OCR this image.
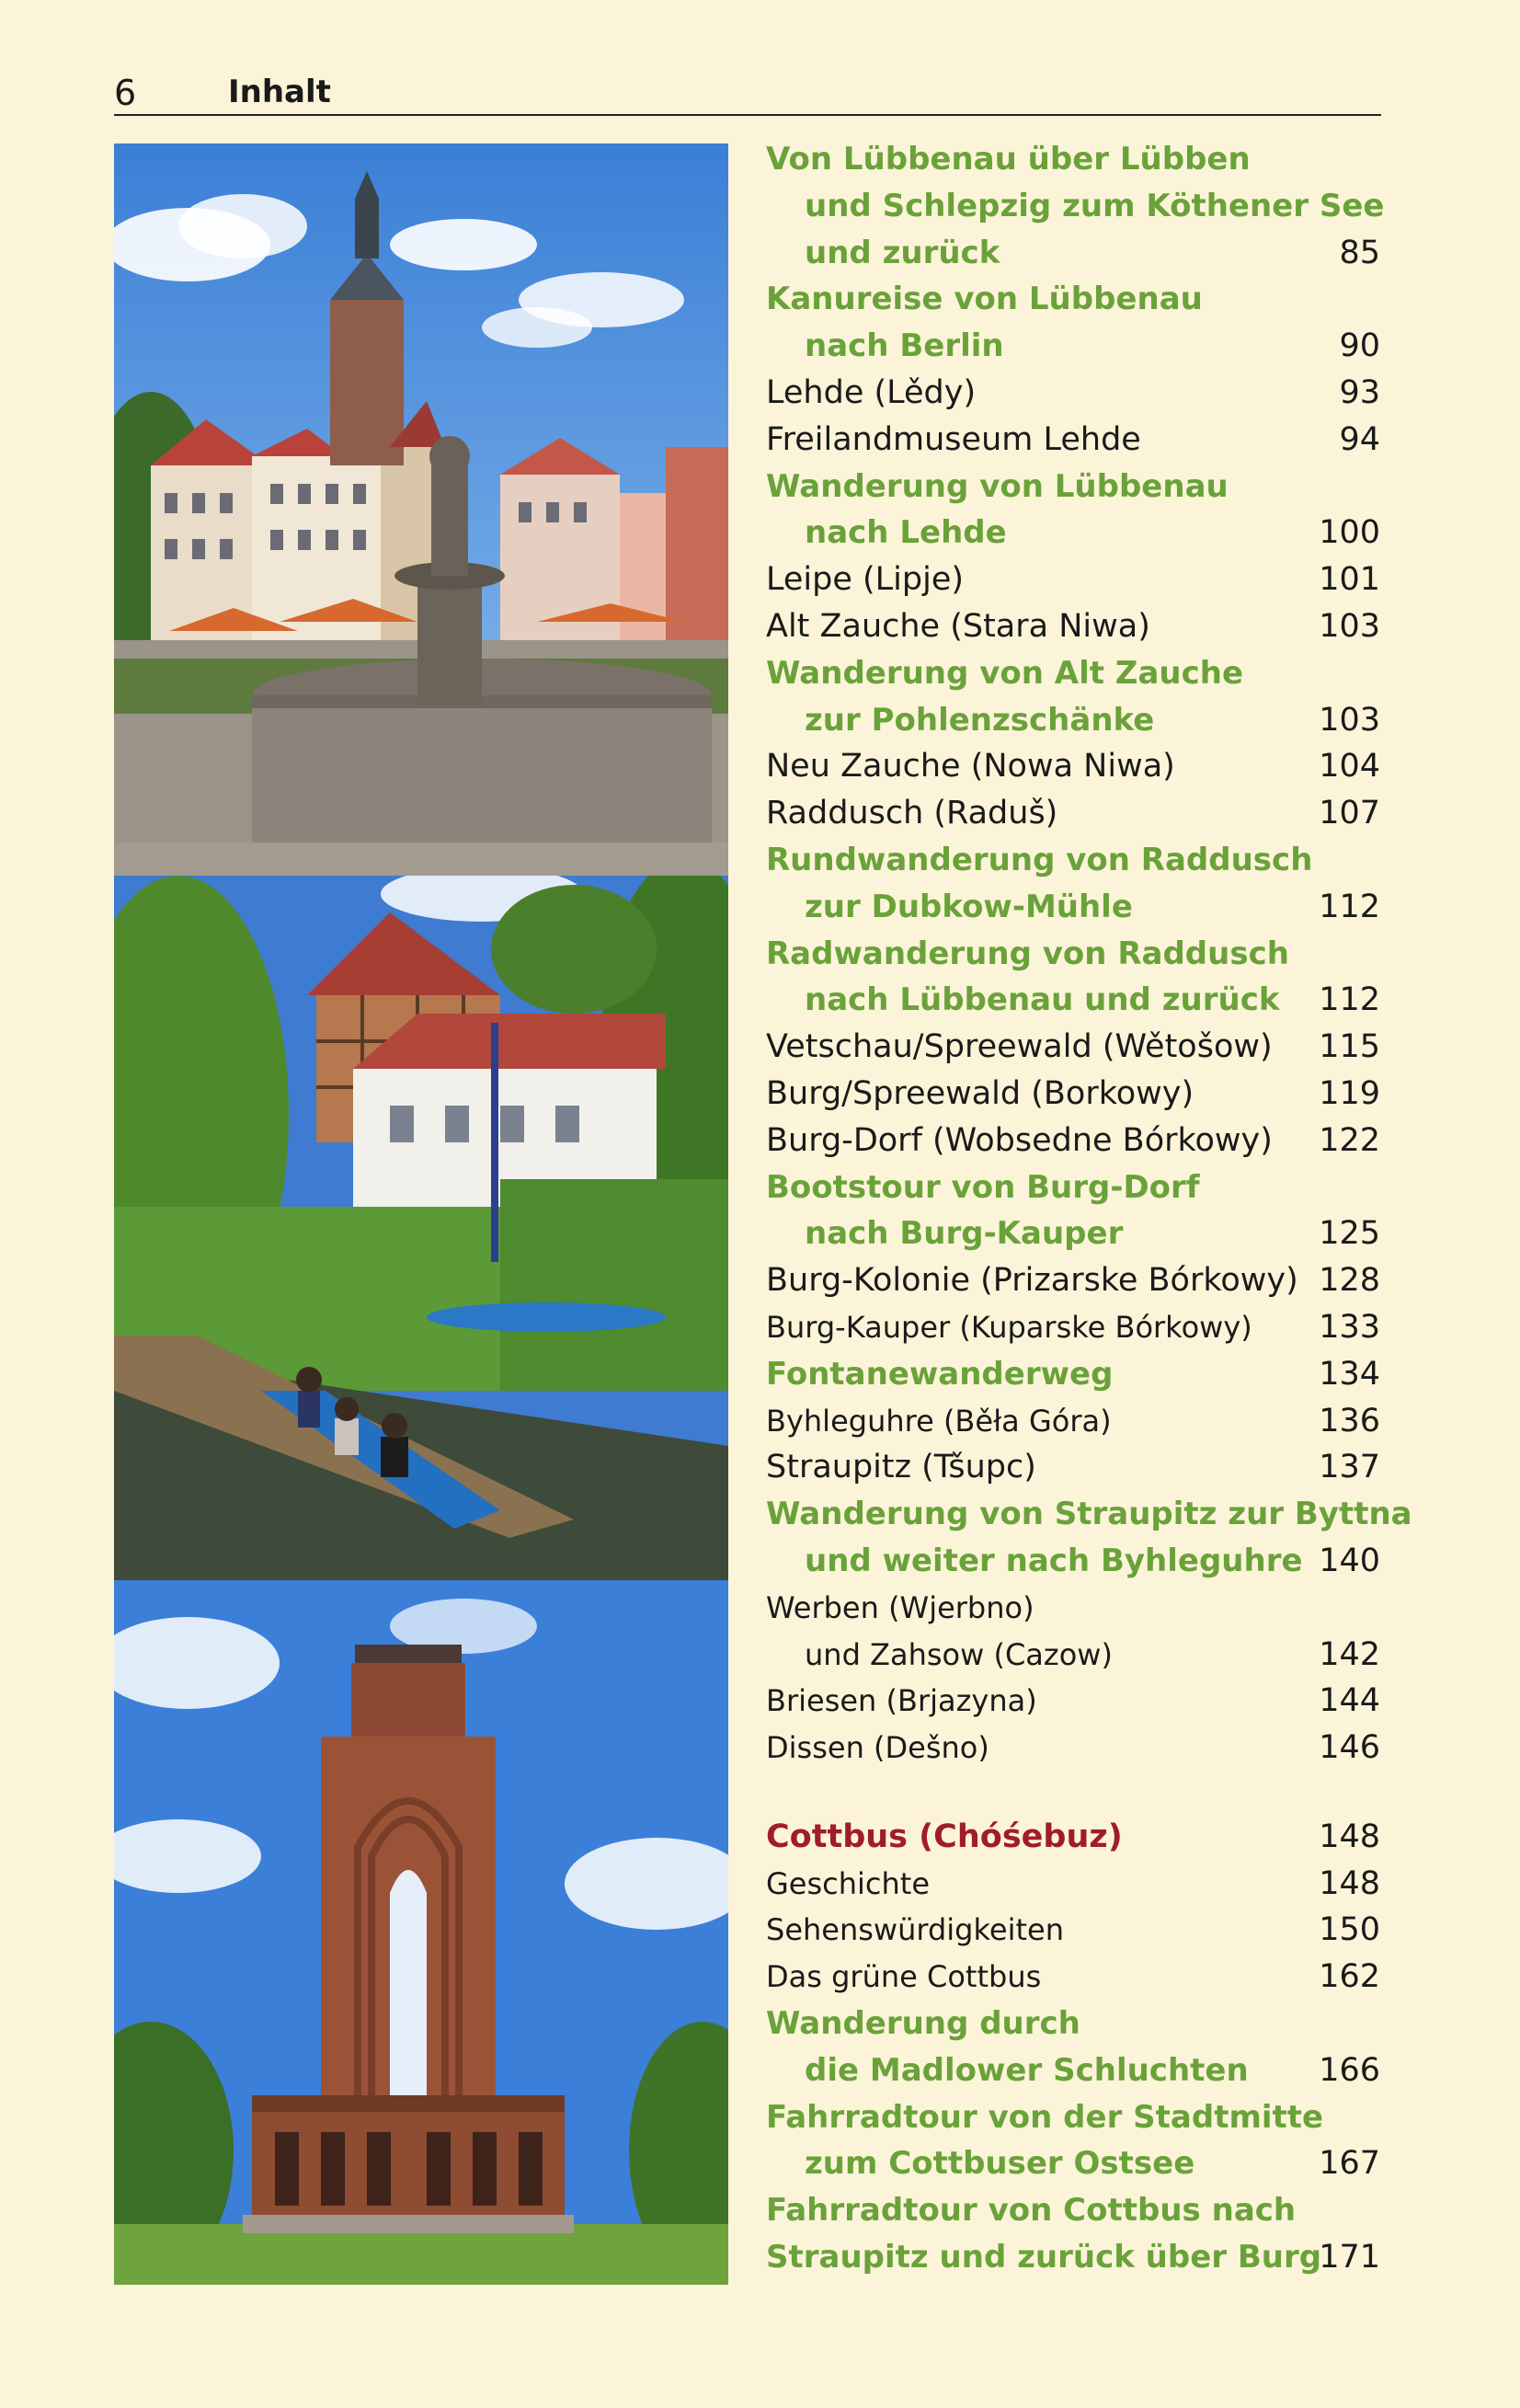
6	Inhalt
Von Lübbenau über Lübben
und Schlepzig zum Köthener See
und zurück	85
Kanureise von Lübbenau
nach Berlin	90
Lehde (Lědy)	93
Freilandmuseum Lehde	94
Wanderung von Lübbenau
nach Lehde	100
Leipe (Lipje)	101
Alt Zauche (Stara Niwa)	103
Wanderung von Alt Zauche
zur Pohlenzschänke	103
Neu Zauche (Nowa Niwa)	104
Raddusch (Raduš)	107
Rundwanderung von Raddusch
zur Dubkow-Mühle	112
Radwanderung von Raddusch
nach Lübbenau und zurück	112
Vetschau/Spreewald (Wětošow)	115
Burg/Spreewald (Borkowy)	119
Burg-Dorf (Wobsedne Bórkowy)	122
Bootstour von Burg-Dorf
nach Burg-Kauper	125
Burg-Kolonie (Prizarske Bórkowy) 128
Burg-Kauper (Kuparske Bórkowy)	133
Fontanewanderweg	134
Byhleguhre (Běła Góra)	136
Straupitz (Tšupc)	137
Wanderung von Straupitz zur Byttna
und weiter nach Byhleguhre 140
Werben (Wjerbno)
und Zahsow (Cazow)	142
Briesen (Brjazyna)	144
Dissen (Dešno)	146
Cottbus (Chóśebuz)	148
Geschichte	148
Sehenswürdigkeiten	150
Das grüne Cottbus	162
Wanderung durch
die Madlower Schluchten	166
Fahrradtour von der Stadtmitte
zum Cottbuser Ostsee	167
Fahrradtour von Cottbus nach
Straupitz und zurück über Burg
171
